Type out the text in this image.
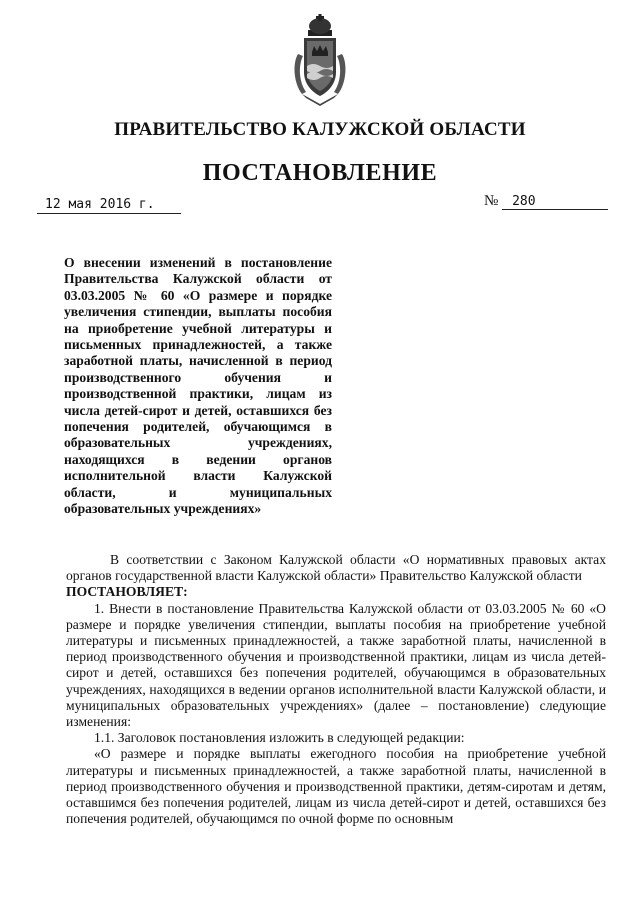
ПРАВИТЕЛЬСТВО КАЛУЖСКОЙ ОБЛАСТИ
ПОСТАНОВЛЕНИЕ
12 мая 2016 г.	№ 280
О внесении изменений в постановление Правительства Калужской области от 03.03.2005 № 60 «О размере и порядке увеличения стипендии, выплаты пособия на приобретение учебной литературы и письменных принадлежностей, а также заработной платы, начисленной в период производственного обучения и производственной практики, лицам из числа детей-сирот и детей, оставшихся без попечения родителей, обучающимся в образовательных учреждениях, находящихся в ведении органов исполнительной власти Калужской области, и муниципальных образовательных учреждениях»

В соответствии с Законом Калужской области «О нормативных правовых актах органов государственной власти Калужской области» Правительство Калужской области

ПОСТАНОВЛЯЕТ:

1. Внести в постановление Правительства Калужской области от 03.03.2005 № 60 «О размере и порядке увеличения стипендии, выплаты пособия на приобретение учебной литературы и письменных принадлежностей, а также заработной платы, начисленной в период производственного обучения и производственной практики, лицам из числа детей-сирот и детей, оставшихся без попечения родителей, обучающимся в образовательных учреждениях, находящихся в ведении органов исполнительной власти Калужской области, и муниципальных образовательных учреждениях» (далее – постановление) следующие изменения:

1.1. Заголовок постановления изложить в следующей редакции:

«О размере и порядке выплаты ежегодного пособия на приобретение учебной литературы и письменных принадлежностей, а также заработной платы, начисленной в период производственного обучения и производственной практики, детям-сиротам и детям, оставшимся без попечения родителей, лицам из числа детей-сирот и детей, оставшихся без попечения родителей, обучающимся по очной форме по основным
